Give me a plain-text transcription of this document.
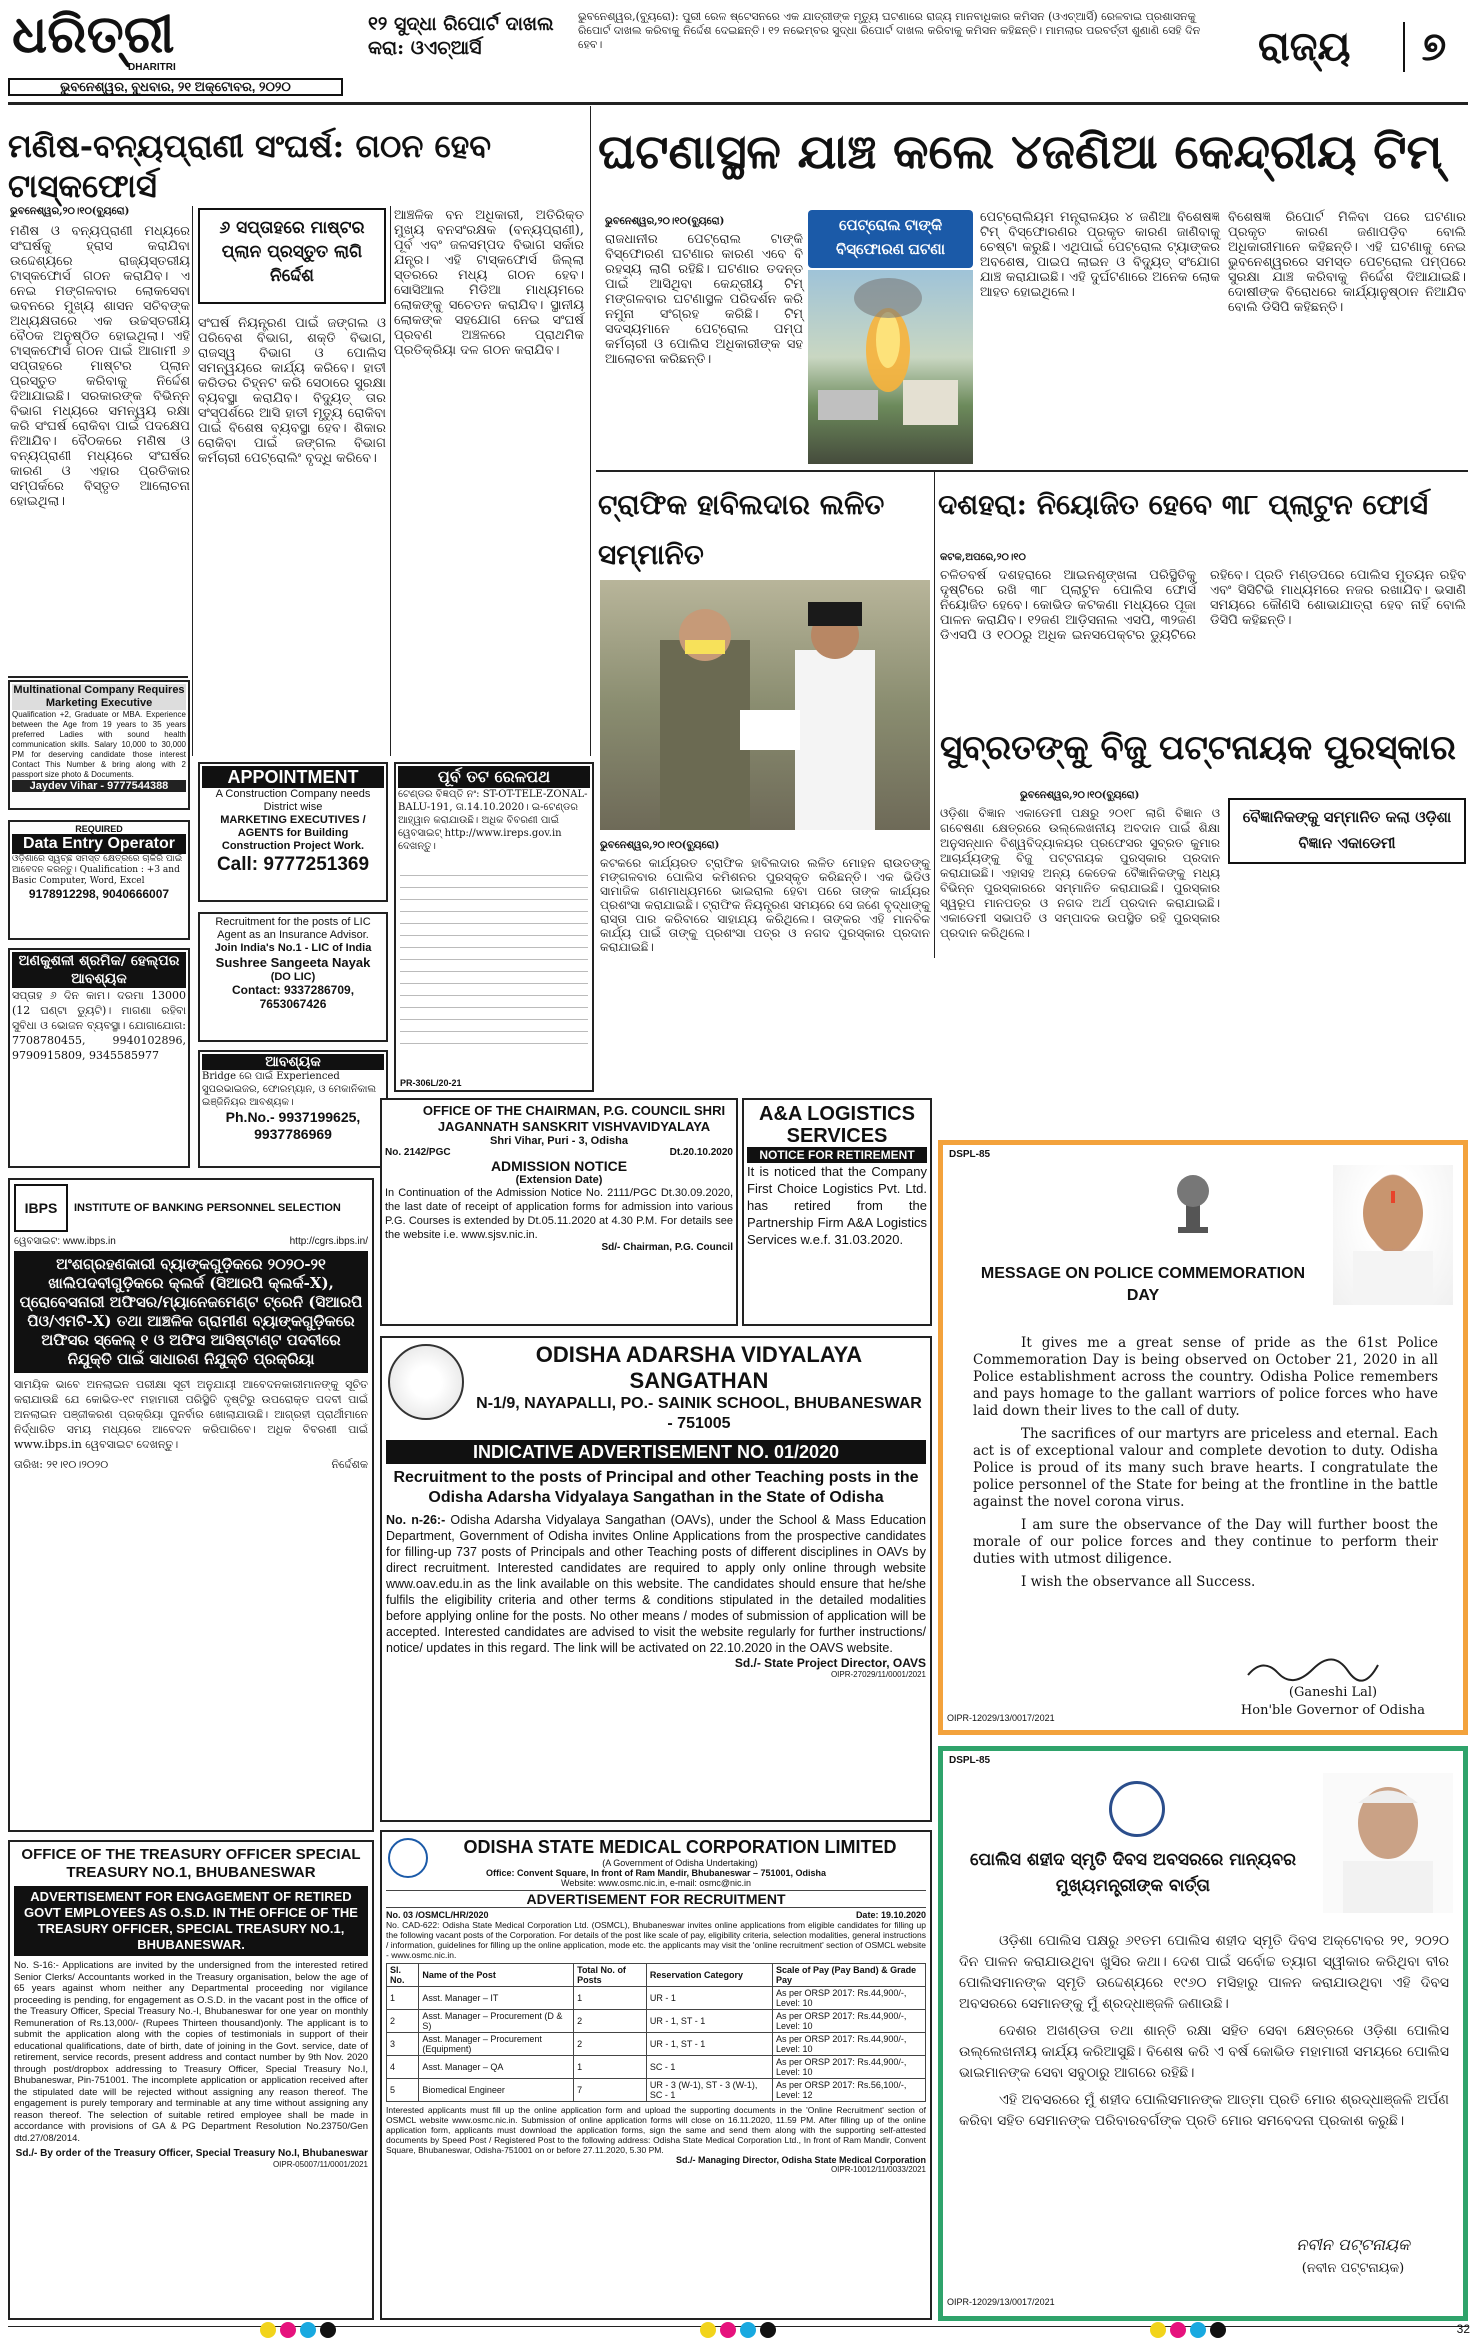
ଧରିତ୍ରୀ
DHARITRI
ଭୁବନେଶ୍ୱର, ବୁଧବାର, ୨୧ ଅକ୍ଟୋବର, ୨୦୨୦
୧୨ ସୁଦ୍ଧା ରିପୋର୍ଟ ଦାଖଲ କରା: ଓଏଚ୍ଆର୍ସି
ଭୁବନେଶ୍ୱର,(ବ୍ୟୁରୋ): ପୁରୀ ରେଳ ଷ୍ଟେସନରେ ଏକ ଯାତ୍ରୀଙ୍କ ମୃତ୍ୟୁ ଘଟଣାରେ ରାଜ୍ୟ ମାନବାଧିକାର କମିସନ (ଓଏଚ୍ଆର୍ସି) ରେଳବାଇ ପ୍ରଶାସନକୁ ରିପୋର୍ଟ ଦାଖଲ କରିବାକୁ ନିର୍ଦ୍ଦେଶ ଦେଇଛନ୍ତି। ୧୨ ନଭେମ୍ବର ସୁଦ୍ଧା ରିପୋର୍ଟ ଦାଖଲ କରିବାକୁ କମିସନ କହିଛନ୍ତି। ମାମଲାର ପରବର୍ତ୍ତୀ ଶୁଣାଣି ସେହି ଦିନ ହେବ।	ରାଜ୍ୟ	୭
ମଣିଷ-ବନ୍ୟପ୍ରାଣୀ ସଂଘର୍ଷ: ଗଠନ ହେବ ଟାସ୍କଫୋର୍ସ
ଭୁବନେଶ୍ୱର,୨୦।୧୦(ବ୍ୟୁରୋ)
ମଣିଷ ଓ ବନ୍ୟପ୍ରାଣୀ ମଧ୍ୟରେ ସଂଘର୍ଷକୁ ହ୍ରାସ କରାଯିବା ଉଦ୍ଦେଶ୍ୟରେ ରାଜ୍ୟସ୍ତରୀୟ ଟାସ୍କଫୋର୍ସ ଗଠନ କରାଯିବ। ଏ ନେଇ ମଙ୍ଗଳବାର ଲୋକସେବା ଭବନରେ ମୁଖ୍ୟ ଶାସନ ସଚିବଙ୍କ ଅଧ୍ୟକ୍ଷତାରେ ଏକ ଉଚ୍ଚସ୍ତରୀୟ ବୈଠକ ଅନୁଷ୍ଠିତ ହୋଇଥିଲା। ଏହି ଟାସ୍କଫୋର୍ସ ଗଠନ ପାଇଁ ଆଗାମୀ ୬ ସପ୍ତାହରେ ମାଷ୍ଟର ପ୍ଲାନ ପ୍ରସ୍ତୁତ କରିବାକୁ ନିର୍ଦ୍ଦେଶ ଦିଆଯାଇଛି। ସରକାରଙ୍କ ବିଭିନ୍ନ ବିଭାଗ ମଧ୍ୟରେ ସମନ୍ୱୟ ରକ୍ଷା କରି ସଂଘର୍ଷ ରୋକିବା ପାଇଁ ପଦକ୍ଷେପ ନିଆଯିବ। ବୈଠକରେ ମଣିଷ ଓ ବନ୍ୟପ୍ରାଣୀ ମଧ୍ୟରେ ସଂଘର୍ଷର କାରଣ ଓ ଏହାର ପ୍ରତିକାର ସମ୍ପର୍କରେ ବିସ୍ତୃତ ଆଲୋଚନା ହୋଇଥିଲା।
୬ ସପ୍ତାହରେ ମାଷ୍ଟର ପ୍ଲାନ ପ୍ରସ୍ତୁତ ଲାଗି ନିର୍ଦ୍ଦେଶ
ସଂଘର୍ଷ ନିୟନ୍ତ୍ରଣ ପାଇଁ ଜଙ୍ଗଲ ଓ ପରିବେଶ ବିଭାଗ, ଶକ୍ତି ବିଭାଗ, ରାଜସ୍ୱ ବିଭାଗ ଓ ପୋଲିସ ସମନ୍ୱୟରେ କାର୍ଯ୍ୟ କରିବେ। ହାତୀ କରିଡର ଚିହ୍ନଟ କରି ସେଠାରେ ସୁରକ୍ଷା ବ୍ୟବସ୍ଥା କରାଯିବ। ବିଦ୍ୟୁତ୍ ତାର ସଂସ୍ପର୍ଶରେ ଆସି ହାତୀ ମୃତ୍ୟୁ ରୋକିବା ପାଇଁ ବିଶେଷ ବ୍ୟବସ୍ଥା ହେବ। ଶିକାର ରୋକିବା ପାଇଁ ଜଙ୍ଗଲ ବିଭାଗ କର୍ମଚାରୀ ପେଟ୍ରୋଲିଂ ବୃଦ୍ଧି କରିବେ।
ଆଞ୍ଚଳିକ ବନ ଅଧିକାରୀ, ଅତିରିକ୍ତ ମୁଖ୍ୟ ବନସଂରକ୍ଷକ (ବନ୍ୟପ୍ରାଣୀ), ପୂର୍ବ ଏବଂ ଜଳସମ୍ପଦ ବିଭାଗ ସର୍କାର ଯନ୍ତ୍ର। ଏହି ଟାସ୍କଫୋର୍ସ ଜିଲ୍ଲା ସ୍ତରରେ ମଧ୍ୟ ଗଠନ ହେବ। ସୋସିଆଲ ମିଡିଆ ମାଧ୍ୟମରେ ଲୋକଙ୍କୁ ସଚେତନ କରାଯିବ। ସ୍ଥାନୀୟ ଲୋକଙ୍କ ସହଯୋଗ ନେଇ ସଂଘର୍ଷ ପ୍ରବଣ ଅଞ୍ଚଳରେ ପ୍ରାଥମିକ ପ୍ରତିକ୍ରିୟା ଦଳ ଗଠନ କରାଯିବ।
ଘଟଣାସ୍ଥଳ ଯାଞ୍ଚ କଲେ ୪ଜଣିଆ କେନ୍ଦ୍ରୀୟ ଟିମ୍
ଭୁବନେଶ୍ୱର,୨୦।୧୦(ବ୍ୟୁରୋ)	ପେଟ୍ରୋଲ ଟାଙ୍କି ବିସ୍ଫୋରଣ ଘଟଣା
ରାଜଧାନୀର ପେଟ୍ରୋଲ ଟାଙ୍କି ବିସ୍ଫୋରଣ ଘଟଣାର କାରଣ ଏବେ ବି ରହସ୍ୟ ଲାଗି ରହିଛି। ଘଟଣାର ତଦନ୍ତ ପାଇଁ ଆସିଥିବା କେନ୍ଦ୍ରୀୟ ଟିମ୍ ମଙ୍ଗଳବାର ଘଟଣାସ୍ଥଳ ପରିଦର୍ଶନ କରି ନମୁନା ସଂଗ୍ରହ କରିଛି। ଟିମ୍ ସଦସ୍ୟମାନେ ପେଟ୍ରୋଲ ପମ୍ପ କର୍ମଚାରୀ ଓ ପୋଲିସ ଅଧିକାରୀଙ୍କ ସହ ଆଲୋଚନା କରିଛନ୍ତି।
ପେଟ୍ରୋଲିୟମ ମନ୍ତ୍ରାଳୟର ୪ ଜଣିଆ ବିଶେଷଜ୍ଞ ଟିମ୍ ବିସ୍ଫୋରଣର ପ୍ରକୃତ କାରଣ ଜାଣିବାକୁ ଚେଷ୍ଟା କରୁଛି। ଏଥିପାଇଁ ପେଟ୍ରୋଲ ଟ୍ୟାଙ୍କର ଅବଶେଷ, ପାଇପ ଲାଇନ ଓ ବିଦ୍ୟୁତ୍ ସଂଯୋଗ ଯାଞ୍ଚ କରାଯାଇଛି। ଏହି ଦୁର୍ଘଟଣାରେ ଅନେକ ଲୋକ ଆହତ ହୋଇଥିଲେ।
ବିଶେଷଜ୍ଞ ରିପୋର୍ଟ ମିଳିବା ପରେ ଘଟଣାର ପ୍ରକୃତ କାରଣ ଜଣାପଡ଼ିବ ବୋଲି ଅଧିକାରୀମାନେ କହିଛନ୍ତି। ଏହି ଘଟଣାକୁ ନେଇ ଭୁବନେଶ୍ୱରରେ ସମସ୍ତ ପେଟ୍ରୋଲ ପମ୍ପରେ ସୁରକ୍ଷା ଯାଞ୍ଚ କରିବାକୁ ନିର୍ଦ୍ଦେଶ ଦିଆଯାଇଛି। ଦୋଷୀଙ୍କ ବିରୋଧରେ କାର୍ଯ୍ୟାନୁଷ୍ଠାନ ନିଆଯିବ ବୋଲି ଡିସିପି କହିଛନ୍ତି।
ଟ୍ରାଫିକ ହାବିଲଦାର ଲଳିତ ସମ୍ମାନିତ
ଭୁବନେଶ୍ୱର,୨୦।୧୦(ବ୍ୟୁରୋ)
କଟକରେ କାର୍ଯ୍ୟରତ ଟ୍ରାଫିକ ହାବିଲଦାର ଲଳିତ ମୋହନ ରାଉତଙ୍କୁ ମଙ୍ଗଳବାର ପୋଲିସ କମିଶନର ପୁରସ୍କୃତ କରିଛନ୍ତି। ଏକ ଭିଡିଓ ସାମାଜିକ ଗଣମାଧ୍ୟମରେ ଭାଇରାଲ ହେବା ପରେ ତାଙ୍କ କାର୍ଯ୍ୟର ପ୍ରଶଂସା କରାଯାଇଛି। ଟ୍ରାଫିକ ନିୟନ୍ତ୍ରଣ ସମୟରେ ସେ ଜଣେ ବୃଦ୍ଧାଙ୍କୁ ରାସ୍ତା ପାର କରିବାରେ ସାହାଯ୍ୟ କରିଥିଲେ। ତାଙ୍କର ଏହି ମାନବିକ କାର୍ଯ୍ୟ ପାଇଁ ତାଙ୍କୁ ପ୍ରଶଂସା ପତ୍ର ଓ ନଗଦ ପୁରସ୍କାର ପ୍ରଦାନ କରାଯାଇଛି।
ଦଶହରା: ନିୟୋଜିତ ହେବେ ୩୮ ପ୍ଲାଟୁନ ଫୋର୍ସ
କଟକ,ଅପରେ,୨୦।୧୦
ଚଳିତବର୍ଷ ଦଶହରାରେ ଆଇନଶୃଙ୍ଖଳା ପରିସ୍ଥିତିକୁ ଦୃଷ୍ଟିରେ ରଖି ୩୮ ପ୍ଲାଟୁନ ପୋଲିସ ଫୋର୍ସ ନିୟୋଜିତ ହେବେ। କୋଭିଡ କଟକଣା ମଧ୍ୟରେ ପୂଜା ପାଳନ କରାଯିବ। ୧୨ଜଣ ଆଡ଼ିସନାଲ ଏସପି, ୩୨ଜଣ ଡିଏସପି ଓ ୧୦୦ରୁ ଅଧିକ ଇନସପେକ୍ଟର ଡ୍ୟୁଟିରେ ରହିବେ। ପ୍ରତି ମଣ୍ଡପରେ ପୋଲିସ ମୁତୟନ ରହିବ ଏବଂ ସିସିଟିଭି ମାଧ୍ୟମରେ ନଜର ରଖାଯିବ। ଭସାଣି ସମୟରେ କୌଣସି ଶୋଭାଯାତ୍ରା ହେବ ନାହିଁ ବୋଲି ଡିସିପି କହିଛନ୍ତି।
ସୁବ୍ରତଙ୍କୁ ବିଜୁ ପଟ୍ଟନାୟକ ପୁରସ୍କାର
ଭୁବନେଶ୍ୱର,୨୦।୧୦(ବ୍ୟୁରୋ)
ବୈଜ୍ଞାନିକଙ୍କୁ ସମ୍ମାନିତ କଲା ଓଡ଼ିଶା ବିଜ୍ଞାନ ଏକାଡେମୀ
ଓଡ଼ିଶା ବିଜ୍ଞାନ ଏକାଡେମୀ ପକ୍ଷରୁ ୨୦୧୮ ଲାଗି ବିଜ୍ଞାନ ଓ ଗବେଷଣା କ୍ଷେତ୍ରରେ ଉଲ୍ଲେଖନୀୟ ଅବଦାନ ପାଇଁ ଶିକ୍ଷା ଅନୁସନ୍ଧାନ ବିଶ୍ୱବିଦ୍ୟାଳୟର ପ୍ରଫେସର ସୁବ୍ରତ କୁମାର ଆଚାର୍ଯ୍ୟଙ୍କୁ ବିଜୁ ପଟ୍ଟନାୟକ ପୁରସ୍କାର ପ୍ରଦାନ କରାଯାଇଛି। ଏହାସହ ଅନ୍ୟ କେତେକ ବୈଜ୍ଞାନିକଙ୍କୁ ମଧ୍ୟ ବିଭିନ୍ନ ପୁରସ୍କାରରେ ସମ୍ମାନିତ କରାଯାଇଛି। ପୁରସ୍କାର ସ୍ୱରୂପ ମାନପତ୍ର ଓ ନଗଦ ଅର୍ଥ ପ୍ରଦାନ କରାଯାଇଛି। ଏକାଡେମୀ ସଭାପତି ଓ ସମ୍ପାଦକ ଉପସ୍ଥିତ ରହି ପୁରସ୍କାର ପ୍ରଦାନ କରିଥିଲେ।
Multinational Company Requires Marketing Executive
Qualification +2, Graduate or MBA. Experience between the Age from 19 years to 35 years preferred Ladies with sound health communication skills. Salary 10,000 to 30,000 PM for deserving candidate those interest Contact This Number & bring along with 2 passport size photo & Documents.
Jaydev Vihar - 9777544388
REQUIRED
Data Entry Operator
ଓଡ଼ିଶାରେ ସ୍ୱଚ୍ଛ ସମସ୍ତ କ୍ଷେତ୍ରରେ ଚାକିରି ପାଇଁ ଆବେଦନ କରନ୍ତୁ। Qualification : +3 and Basic Computer, Word, Excel
9178912298, 9040666007
ଅଣକୁଶଳୀ ଶ୍ରମିକ/ ହେଲ୍ପର ଆବଶ୍ୟକ
ସପ୍ତାହ ୬ ଦିନ କାମ। ଦରମା 13000 (12 ଘଣ୍ଟା ଡ୍ୟୁଟି)। ମାଗଣା ରହିବା ସୁବିଧା ଓ ଭୋଜନ ବ୍ୟବସ୍ଥା। ଯୋଗାଯୋଗ: 7708780455, 9940102896, 9790915809, 9345585977
APPOINTMENT
A Construction Company needs District wise
MARKETING EXECUTIVES / AGENTS for Building Construction Project Work.
Call: 9777251369
Recruitment for the posts of LIC Agent as an Insurance Advisor.
Join India's No.1 - LIC of India
Sushree Sangeeta Nayak
(DO LIC)
Contact: 9337286709, 7653067426
ଆବଶ୍ୟକ
Bridge ରେ ପାଇଁ Experienced ସୁପରଭାଇଜର, ଫୋରମ୍ୟାନ, ଓ ମେକାନିକାଲ ଇଞ୍ଜିନିୟର ଆବଶ୍ୟକ।
Ph.No.- 9937199625, 9937786969
ପୂର୍ବ ତଟ ରେଳପଥ
ଟେଣ୍ଡର ବିଜ୍ଞପ୍ତି ନଂ: ST-OT-TELE-ZONAL-BALU-191, ତା.14.10.2020। ଇ-ଟେଣ୍ଡର ଆହ୍ୱାନ କରାଯାଉଛି। ଅଧିକ ବିବରଣୀ ପାଇଁ ୱେବସାଇଟ୍ http://www.ireps.gov.in ଦେଖନ୍ତୁ।
PR-306L/20-21
OFFICE OF THE CHAIRMAN, P.G. COUNCIL SHRI JAGANNATH SANSKRIT VISHVAVIDYALAYA
Shri Vihar, Puri - 3, Odisha
No. 2142/PGC	Dt.20.10.2020
ADMISSION NOTICE
(Extension Date)
In Continuation of the Admission Notice No. 2111/PGC Dt.30.09.2020, the last date of receipt of application forms for admission into various P.G. Courses is extended by Dt.05.11.2020 at 4.30 P.M. For details see the website i.e. www.sjsv.nic.in.
Sd/- Chairman, P.G. Council
A&A LOGISTICS SERVICES
NOTICE FOR RETIREMENT
It is noticed that the Company First Choice Logistics Pvt. Ltd. has retired from the Partnership Firm A&A Logistics Services w.e.f. 31.03.2020.
IBPS	INSTITUTE OF BANKING PERSONNEL SELECTION
ୱେବସାଇଟ: www.ibps.in	http://cgrs.ibps.in/
ଅଂଶଗ୍ରହଣକାରୀ ବ୍ୟାଙ୍କଗୁଡ଼ିକରେ ୨୦୨୦-୨୧ ଖାଲିପଦବୀଗୁଡ଼ିକରେ କ୍ଲର୍କ (ସିଆରପି କ୍ଲର୍କ-X), ପ୍ରୋବେସନାରୀ ଅଫିସର/ମ୍ୟାନେଜମେଣ୍ଟ ଟ୍ରେନି (ସିଆରପି ପିଓ/ଏମଟି-X) ତଥା ଆଞ୍ଚଳିକ ଗ୍ରାମୀଣ ବ୍ୟାଙ୍କଗୁଡ଼ିକରେ ଅଫିସର ସ୍କେଲ୍ ୧ ଓ ଅଫିସ ଆସିଷ୍ଟାଣ୍ଟ ପଦବୀରେ ନିଯୁକ୍ତି ପାଇଁ ସାଧାରଣ ନିଯୁକ୍ତି ପ୍ରକ୍ରିୟା
ସାମୟିକ ଭାବେ ଅନଲାଇନ ପରୀକ୍ଷା ସୂଚୀ ଅନୁଯାୟୀ ଆବେଦନକାରୀମାନଙ୍କୁ ସୂଚିତ କରାଯାଉଛି ଯେ କୋଭିଡ-୧୯ ମହାମାରୀ ପରିସ୍ଥିତି ଦୃଷ୍ଟିରୁ ଉପରୋକ୍ତ ପଦବୀ ପାଇଁ ଅନଲାଇନ ପଞ୍ଜୀକରଣ ପ୍ରକ୍ରିୟା ପୁନର୍ବାର ଖୋଲାଯାଉଛି। ଆଗ୍ରହୀ ପ୍ରାର୍ଥୀମାନେ ନିର୍ଦ୍ଧାରିତ ସମୟ ମଧ୍ୟରେ ଆବେଦନ କରିପାରିବେ। ଅଧିକ ବିବରଣୀ ପାଇଁ www.ibps.in ୱେବସାଇଟ ଦେଖନ୍ତୁ।
ତାରିଖ: ୨୧।୧୦।୨୦୨୦	ନିର୍ଦ୍ଦେଶକ
ODISHA ADARSHA VIDYALAYA SANGATHAN
N-1/9, NAYAPALLI, PO.- SAINIK SCHOOL, BHUBANESWAR - 751005
INDICATIVE ADVERTISEMENT NO. 01/2020
Recruitment to the posts of Principal and other Teaching posts in the Odisha Adarsha Vidyalaya Sangathan in the State of Odisha
No. n-26:- Odisha Adarsha Vidyalaya Sangathan (OAVs), under the School & Mass Education Department, Government of Odisha invites Online Applications from the prospective candidates for filling-up 737 posts of Principals and other Teaching posts of different disciplines in OAVs by direct recruitment. Interested candidates are required to apply only online through website www.oav.edu.in as the link available on this website. The candidates should ensure that he/she fulfils the eligibility criteria and other terms & conditions stipulated in the detailed modalities before applying online for the posts. No other means / modes of submission of application will be accepted. Interested candidates are advised to visit the website regularly for further instructions/ notice/ updates in this regard. The link will be activated on 22.10.2020 in the OAVS website.
Sd./- State Project Director, OAVS
OIPR-27029/11/0001/2021
OFFICE OF THE TREASURY OFFICER SPECIAL TREASURY NO.1, BHUBANESWAR
ADVERTISEMENT FOR ENGAGEMENT OF RETIRED GOVT EMPLOYEES AS O.S.D. IN THE OFFICE OF THE TREASURY OFFICER, SPECIAL TREASURY NO.1, BHUBANESWAR.
No. S-16:- Applications are invited by the undersigned from the interested retired Senior Clerks/ Accountants worked in the Treasury organisation, below the age of 65 years against whom neither any Departmental proceeding nor vigilance proceeding is pending, for engagement as O.S.D. in the vacant post in the office of the Treasury Officer, Special Treasury No.-I, Bhubaneswar for one year on monthly Remuneration of Rs.13,000/- (Rupees Thirteen thousand)only. The applicant is to submit the application along with the copies of testimonials in support of their educational qualifications, date of birth, date of joining in the Govt. service, date of retirement, service records, present address and contact number by 9th Nov. 2020 through post/dropbox addressing to Treasury Officer, Special Treasury No.I, Bhubaneswar, Pin-751001. The incomplete application or application received after the stipulated date will be rejected without assigning any reason thereof. The engagement is purely temporary and terminable at any time without assigning any reason thereof. The selection of suitable retired employee shall be made in accordance with provisions of GA & PG Department Resolution No.23750/Gen dtd.27/08/2014.
Sd./- By order of the Treasury Officer, Special Treasury No.I, Bhubaneswar
OIPR-05007/11/0001/2021
ODISHA STATE MEDICAL CORPORATION LIMITED
(A Government of Odisha Undertaking)
Office: Convent Square, In front of Ram Mandir, Bhubaneswar – 751001, Odisha
Website: www.osmc.nic.in, e-mail: osmc@nic.in
ADVERTISEMENT FOR RECRUITMENT
No. 03 /OSMCL/HR/2020	Date: 19.10.2020
No. CAD-622: Odisha State Medical Corporation Ltd. (OSMCL), Bhubaneswar invites online applications from eligible candidates for filling up the following vacant posts of the Corporation. For details of the post like scale of pay, eligibility criteria, selection modalities, general instructions / information, guidelines for filling up the online application, mode etc. the applicants may visit the 'online recruitment' section of OSMCL website - www.osmc.nic.in.
Sl. No.	Name of the Post	Total No. of Posts	Reservation Category	Scale of Pay (Pay Band) & Grade Pay
1	Asst. Manager – IT	1	UR - 1	As per ORSP 2017: Rs.44,900/-, Level: 10
2	Asst. Manager – Procurement (D & S)	2	UR - 1, ST - 1	As per ORSP 2017: Rs.44,900/-, Level: 10
3	Asst. Manager – Procurement (Equipment)	2	UR - 1, ST - 1	As per ORSP 2017: Rs.44,900/-, Level: 10
4	Asst. Manager – QA	1	SC - 1	As per ORSP 2017: Rs.44,900/-, Level: 10
5	Biomedical Engineer	7	UR - 3 (W-1), ST - 3 (W-1), SC - 1	As per ORSP 2017: Rs.56,100/-, Level: 12
Interested applicants must fill up the online application form and upload the supporting documents in the 'Online Recruitment' section of OSMCL website www.osmc.nic.in. Submission of online application forms will close on 16.11.2020, 11.59 PM. After filling up of the online application form, applicants must download the application forms, sign the same and send them along with the supporting self-attested documents by Speed Post / Registered Post to the following address: Odisha State Medical Corporation Ltd., In front of Ram Mandir, Convent Square, Bhubaneswar, Odisha-751001 on or before 27.11.2020, 5.30 PM.
Sd./- Managing Director, Odisha State Medical Corporation
OIPR-10012/11/0033/2021
DSPL-85
MESSAGE ON POLICE COMMEMORATION DAY

It gives me a great sense of pride as the 61st Police Commemoration Day is being observed on October 21, 2020 in all Police establishment across the country. Odisha Police remembers and pays homage to the gallant warriors of police forces who have laid down their lives to the call of duty.

The sacrifices of our martyrs are priceless and eternal. Each act is of exceptional valour and complete devotion to duty. Odisha Police is proud of its many such brave hearts. I congratulate the police personnel of the State for being at the frontline in the battle against the novel corona virus.

I am sure the observance of the Day will further boost the morale of our police forces and they continue to perform their duties with utmost diligence.

I wish the observance all Success.

(Ganeshi Lal)
Hon'ble Governor of Odisha
OIPR-12029/13/0017/2021
DSPL-85
ପୋଲିସ ଶହୀଦ ସ୍ମୃତି ଦିବସ ଅବସରରେ ମାନ୍ୟବର ମୁଖ୍ୟମନ୍ତ୍ରୀଙ୍କ ବାର୍ତ୍ତା

ଓଡ଼ିଶା ପୋଲିସ ପକ୍ଷରୁ ୬୧ତମ ପୋଲିସ ଶହୀଦ ସ୍ମୃତି ଦିବସ ଅକ୍ଟୋବର ୨୧, ୨୦୨୦ ଦିନ ପାଳନ କରାଯାଉଥିବା ଖୁସିର କଥା। ଦେଶ ପାଇଁ ସର୍ବୋଚ୍ଚ ତ୍ୟାଗ ସ୍ୱୀକାର କରିଥିବା ବୀର ପୋଲିସମାନଙ୍କ ସ୍ମୃତି ଉଦ୍ଦେଶ୍ୟରେ ୧୯୬୦ ମସିହାରୁ ପାଳନ କରାଯାଉଥିବା ଏହି ଦିବସ ଅବସରରେ ସେମାନଙ୍କୁ ମୁଁ ଶ୍ରଦ୍ଧାଞ୍ଜଳି ଜଣାଉଛି।

ଦେଶର ଅଖଣ୍ଡତା ତଥା ଶାନ୍ତି ରକ୍ଷା ସହିତ ସେବା କ୍ଷେତ୍ରରେ ଓଡ଼ିଶା ପୋଲିସ ଉଲ୍ଲେଖନୀୟ କାର୍ଯ୍ୟ କରିଆସୁଛି। ବିଶେଷ କରି ଏ ବର୍ଷ କୋଭିଡ ମହାମାରୀ ସମୟରେ ପୋଲିସ ଭାଇମାନଙ୍କ ସେବା ସବୁଠାରୁ ଆଗରେ ରହିଛି।

ଏହି ଅବସରରେ ମୁଁ ଶହୀଦ ପୋଲିସମାନଙ୍କ ଆତ୍ମା ପ୍ରତି ମୋର ଶ୍ରଦ୍ଧାଞ୍ଜଳି ଅର୍ପଣ କରିବା ସହିତ ସେମାନଙ୍କ ପରିବାରବର୍ଗଙ୍କ ପ୍ରତି ମୋର ସମବେଦନା ପ୍ରକାଶ କରୁଛି।

ନବୀନ ପଟ୍ଟନାୟକ
(ନବୀନ ପଟ୍ଟନାୟକ)
OIPR-12029/13/0017/2021
32
